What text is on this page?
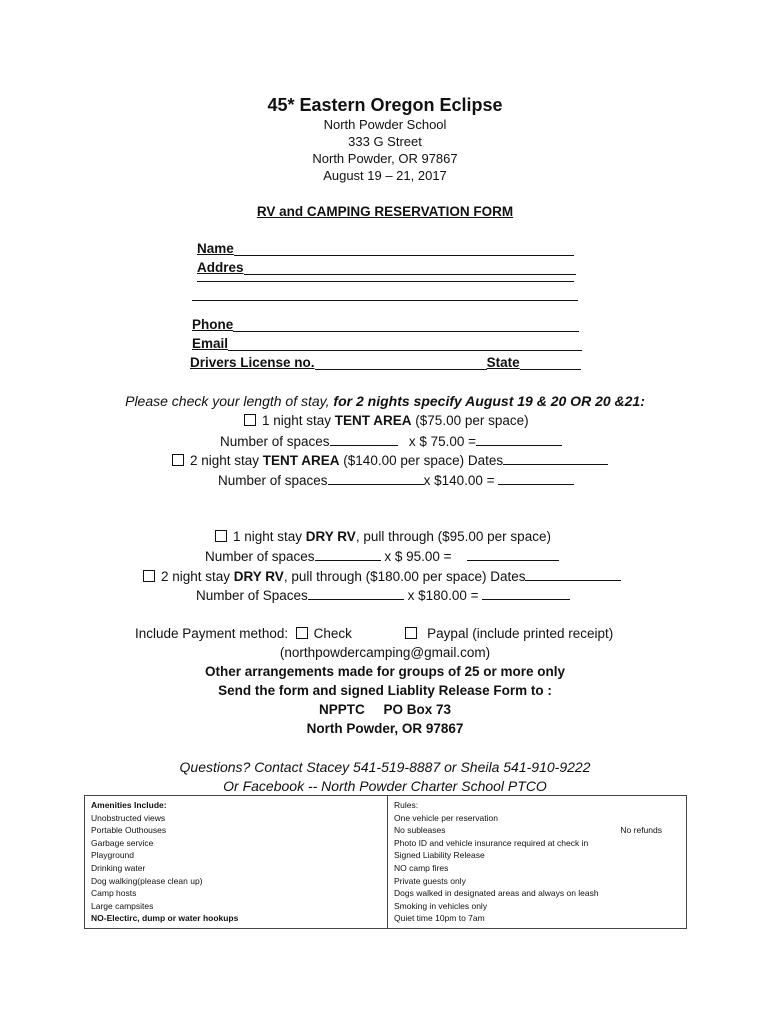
45* Eastern Oregon Eclipse
North Powder School
333 G Street
North Powder, OR 97867
August 19 – 21, 2017
RV and CAMPING RESERVATION FORM
Name
Addres
Phone
Email
Drivers License no.	State
Please check your length of stay, for 2 nights specify August 19 & 20 OR 20 &21:
1 night stay TENT AREA ($75.00 per space)
Number of spaces	x $ 75.00 =
2 night stay TENT AREA ($140.00 per space) Dates
Number of spaces	x $140.00 =
1 night stay DRY RV, pull through ($95.00 per space)
Number of spaces	x $ 95.00 =
2 night stay DRY RV, pull through ($180.00 per space) Dates
Number of Spaces	x $180.00 =
Include Payment method: Check	Paypal (include printed receipt)
(northpowdercamping@gmail.com)
Other arrangements made for groups of 25 or more only
Send the form and signed Liablity Release Form to :
NPPTC PO Box 73
North Powder, OR 97867
Questions? Contact Stacey 541-519-8887 or Sheila 541-910-9222
Or Facebook -- North Powder Charter School PTCO
Amenities Include:
Unobstructed views
Portable Outhouses
Garbage service
Playground
Drinking water
Dog walking(please clean up)
Camp hosts
Large campsites
NO-Electirc, dump or water hookups

Rules:
One vehicle per reservation
No subleases	No refunds
Photo ID and vehicle insurance required at check in
Signed Liability Release
NO camp fires
Private guests only
Dogs walked in designated areas and always on leash
Smoking in vehicles only
Quiet time 10pm to 7am
